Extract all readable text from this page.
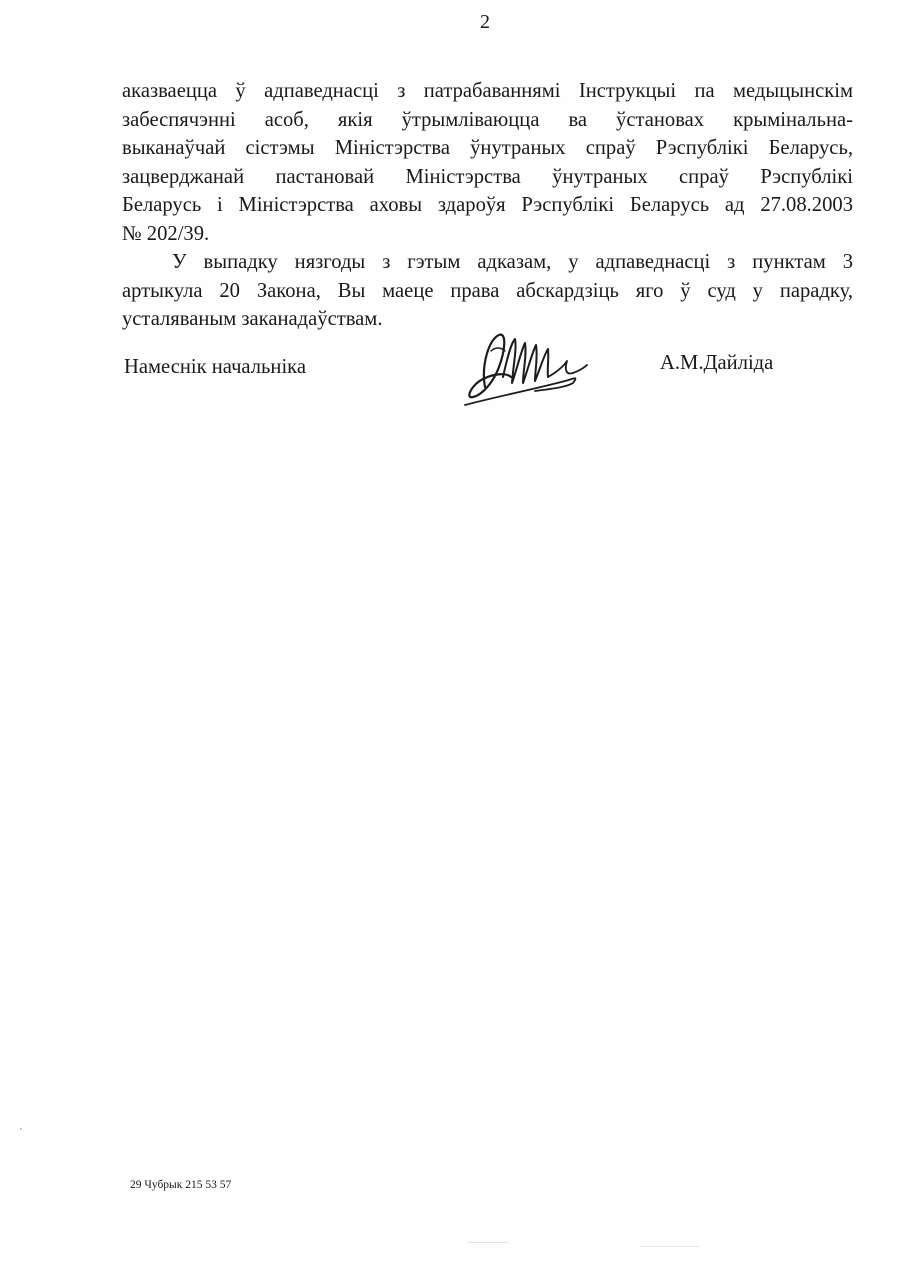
2
аказваецца ў адпаведнасці з патрабаваннямі Інструкцыі па медыцынскім
забеспячэнні асоб, якія ўтрымліваюцца ва ўстановах крымінальна-
выканаўчай сістэмы Міністэрства ўнутраных спраў Рэспублікі Беларусь,
зацверджанай пастановай Міністэрства ўнутраных спраў Рэспублікі
Беларусь і Міністэрства аховы здароўя Рэспублікі Беларусь ад 27.08.2003
№ 202/39.
У выпадку нязгоды з гэтым адказам, у адпаведнасці з пунктам 3
артыкула 20 Закона, Вы маеце права абскардзіць яго ў суд у парадку,
усталяваным заканадаўствам.
Намеснік начальніка	А.М.Дайліда
29 Чубрык 215 53 57
